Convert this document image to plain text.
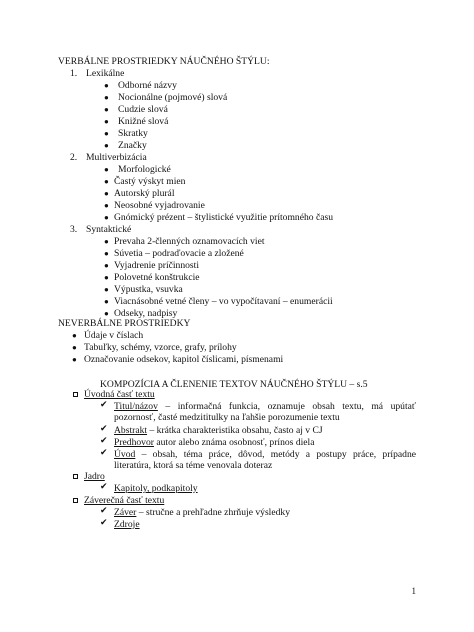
VERBÁLNE PROSTRIEDKY NÁUČNÉHO ŠTÝLU:
1. Lexikálne
● Odborné názvy
● Nocionálne (pojmové) slová
● Cudzie slová
● Knižné slová
● Skratky
● Značky
2. Multiverbizácia
● Morfologické
● Častý výskyt mien
● Autorský plurál
● Neosobné vyjadrovanie
● Gnómický prézent – štylistické využitie prítomného času
3. Syntaktické
● Prevaha 2-členných oznamovacích viet
● Súvetia – podraďovacie a zložené
● Vyjadrenie príčinnosti
● Polovetné konštrukcie
● Výpustka, vsuvka
● Viacnásobné vetné členy – vo vypočítavaní – enumerácii
● Odseky, nadpisy
NEVERBÁLNE PROSTRIEDKY
● Údaje v číslach
● Tabuľky, schémy, vzorce, grafy, prílohy
● Označovanie odsekov, kapitol číslicami, písmenami
KOMPOZÍCIA A ČLENENIE TEXTOV NÁUČNÉHO ŠTÝLU – s.5
Úvodná časť textu
✔ Titul/názov – informačná funkcia, oznamuje obsah textu, má upútať pozornosť, časté medzititulky na ľahšie porozumenie textu
✔ Abstrakt – krátka charakteristika obsahu, často aj v CJ
✔ Predhovor autor alebo známa osobnosť, prínos diela
✔ Úvod – obsah, téma práce, dôvod, metódy a postupy práce, prípadne literatúra, ktorá sa téme venovala doteraz
Jadro
✔ Kapitoly, podkapitoly
Záverečná časť textu
✔ Záver – stručne a prehľadne zhrňuje výsledky
✔ Zdroje
1
